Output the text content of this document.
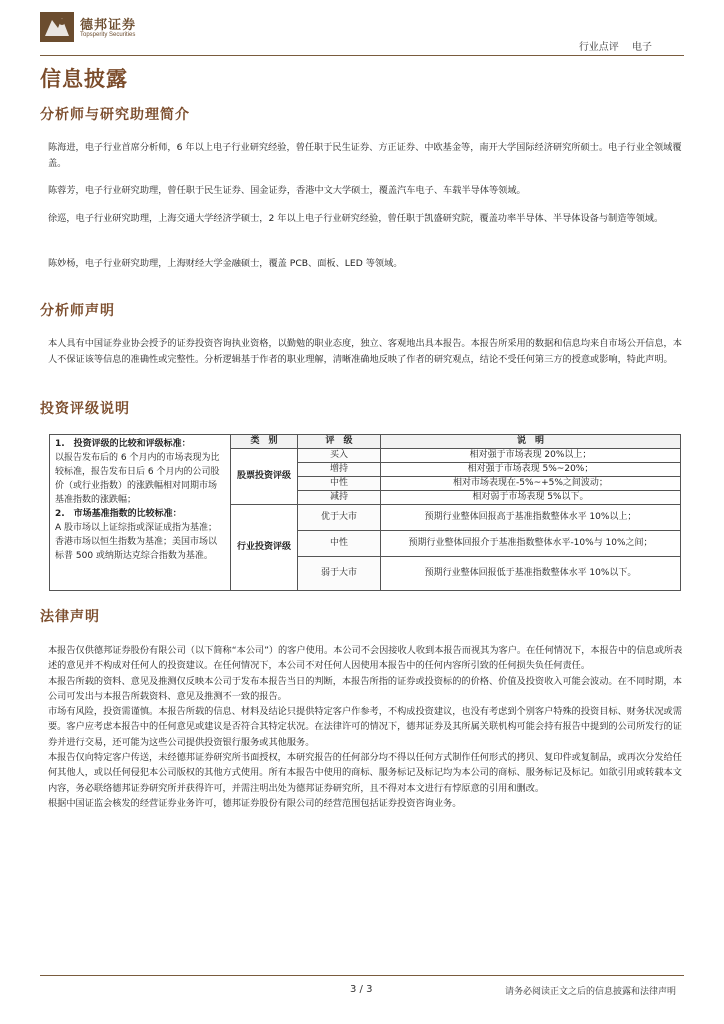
德邦证券
Topsperity Securities
行业点评 电子
信息披露
分析师与研究助理简介
陈海进，电子行业首席分析师，6 年以上电子行业研究经验，曾任职于民生证券、方正证券、中欧基金等，南开大学国际经济研究所硕士。电子行业全领域覆盖。
陈蓉芳，电子行业研究助理，曾任职于民生证券、国金证券，香港中文大学硕士，覆盖汽车电子、车载半导体等领域。
徐巡，电子行业研究助理，上海交通大学经济学硕士，2 年以上电子行业研究经验，曾任职于凯盛研究院，覆盖功率半导体、半导体设备与制造等领域。
陈妙杨，电子行业研究助理，上海财经大学金融硕士，覆盖 PCB、面板、LED 等领域。
分析师声明
本人具有中国证券业协会授予的证券投资咨询执业资格，以勤勉的职业态度，独立、客观地出具本报告。本报告所采用的数据和信息均来自市场公开信息，本人不保证该等信息的准确性或完整性。分析逻辑基于作者的职业理解，清晰准确地反映了作者的研究观点，结论不受任何第三方的授意或影响，特此声明。
投资评级说明
1.　投资评级的比较和评级标准：
以报告发布后的 6 个月内的市场表现为比较标准，报告发布日后 6 个月内的公司股价（或行业指数）的涨跌幅相对同期市场基准指数的涨跌幅；
2.　市场基准指数的比较标准：
A 股市场以上证综指或深证成指为基准；香港市场以恒生指数为基准；美国市场以标普 500 或纳斯达克综合指数为基准。	类　别	评　级	说　明
	股票投资评级	买入	相对强于市场表现 20%以上；
		增持	相对强于市场表现 5%~20%；
		中性	相对市场表现在-5%~+5%之间波动；
		减持	相对弱于市场表现 5%以下。
	行业投资评级	优于大市	预期行业整体回报高于基准指数整体水平 10%以上；
		中性	预期行业整体回报介于基准指数整体水平-10%与 10%之间；
		弱于大市	预期行业整体回报低于基准指数整体水平 10%以下。
法律声明

本报告仅供德邦证券股份有限公司（以下简称“本公司”）的客户使用。本公司不会因接收人收到本报告而视其为客户。在任何情况下，本报告中的信息或所表述的意见并不构成对任何人的投资建议。在任何情况下，本公司不对任何人因使用本报告中的任何内容所引致的任何损失负任何责任。

本报告所载的资料、意见及推测仅反映本公司于发布本报告当日的判断，本报告所指的证券或投资标的的价格、价值及投资收入可能会波动。在不同时期，本公司可发出与本报告所载资料、意见及推测不一致的报告。

市场有风险，投资需谨慎。本报告所载的信息、材料及结论只提供特定客户作参考，不构成投资建议，也没有考虑到个别客户特殊的投资目标、财务状况或需要。客户应考虑本报告中的任何意见或建议是否符合其特定状况。在法律许可的情况下，德邦证券及其所属关联机构可能会持有报告中提到的公司所发行的证券并进行交易，还可能为这些公司提供投资银行服务或其他服务。

本报告仅向特定客户传送，未经德邦证券研究所书面授权，本研究报告的任何部分均不得以任何方式制作任何形式的拷贝、复印件或复制品，或再次分发给任何其他人，或以任何侵犯本公司版权的其他方式使用。所有本报告中使用的商标、服务标记及标记均为本公司的商标、服务标记及标记。如欲引用或转载本文内容，务必联络德邦证券研究所并获得许可，并需注明出处为德邦证券研究所，且不得对本文进行有悖原意的引用和删改。

根据中国证监会核发的经营证券业务许可，德邦证券股份有限公司的经营范围包括证券投资咨询业务。

3 / 3	请务必阅读正文之后的信息披露和法律声明
